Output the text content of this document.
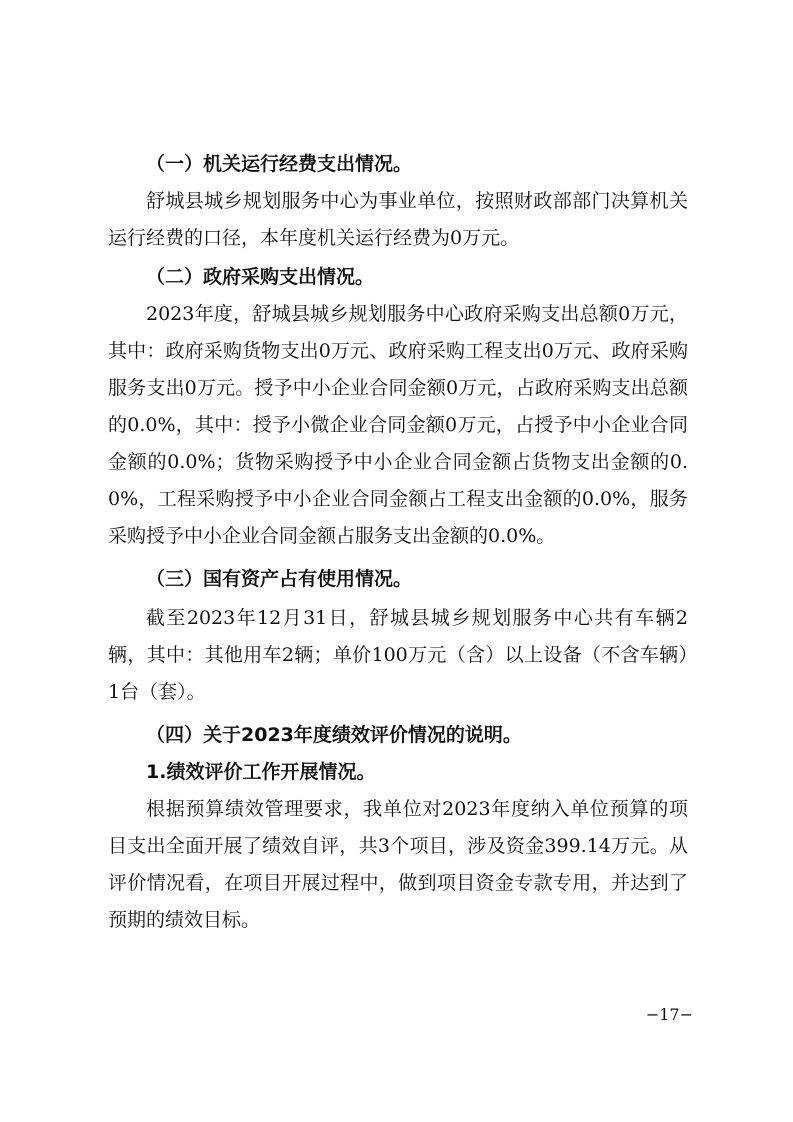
（一）机关运行经费支出情况。

舒城县城乡规划服务中心为事业单位，按照财政部部门决算机关运行经费的口径，本年度机关运行经费为0万元。

（二）政府采购支出情况。

2023年度，舒城县城乡规划服务中心政府采购支出总额0万元，其中：政府采购货物支出0万元、政府采购工程支出0万元、政府采购服务支出0万元。授予中小企业合同金额0万元，占政府采购支出总额的0.0%，其中：授予小微企业合同金额0万元，占授予中小企业合同金额的0.0%；货物采购授予中小企业合同金额占货物支出金额的0.0%，工程采购授予中小企业合同金额占工程支出金额的0.0%，服务采购授予中小企业合同金额占服务支出金额的0.0%。

（三）国有资产占有使用情况。

截至2023年12月31日，舒城县城乡规划服务中心共有车辆2辆，其中：其他用车2辆；单价100万元（含）以上设备（不含车辆）1台（套）。

（四）关于2023年度绩效评价情况的说明。
1.绩效评价工作开展情况。

根据预算绩效管理要求，我单位对2023年度纳入单位预算的项目支出全面开展了绩效自评，共3个项目，涉及资金399.14万元。从评价情况看，在项目开展过程中，做到项目资金专款专用，并达到了预期的绩效目标。

−17−
